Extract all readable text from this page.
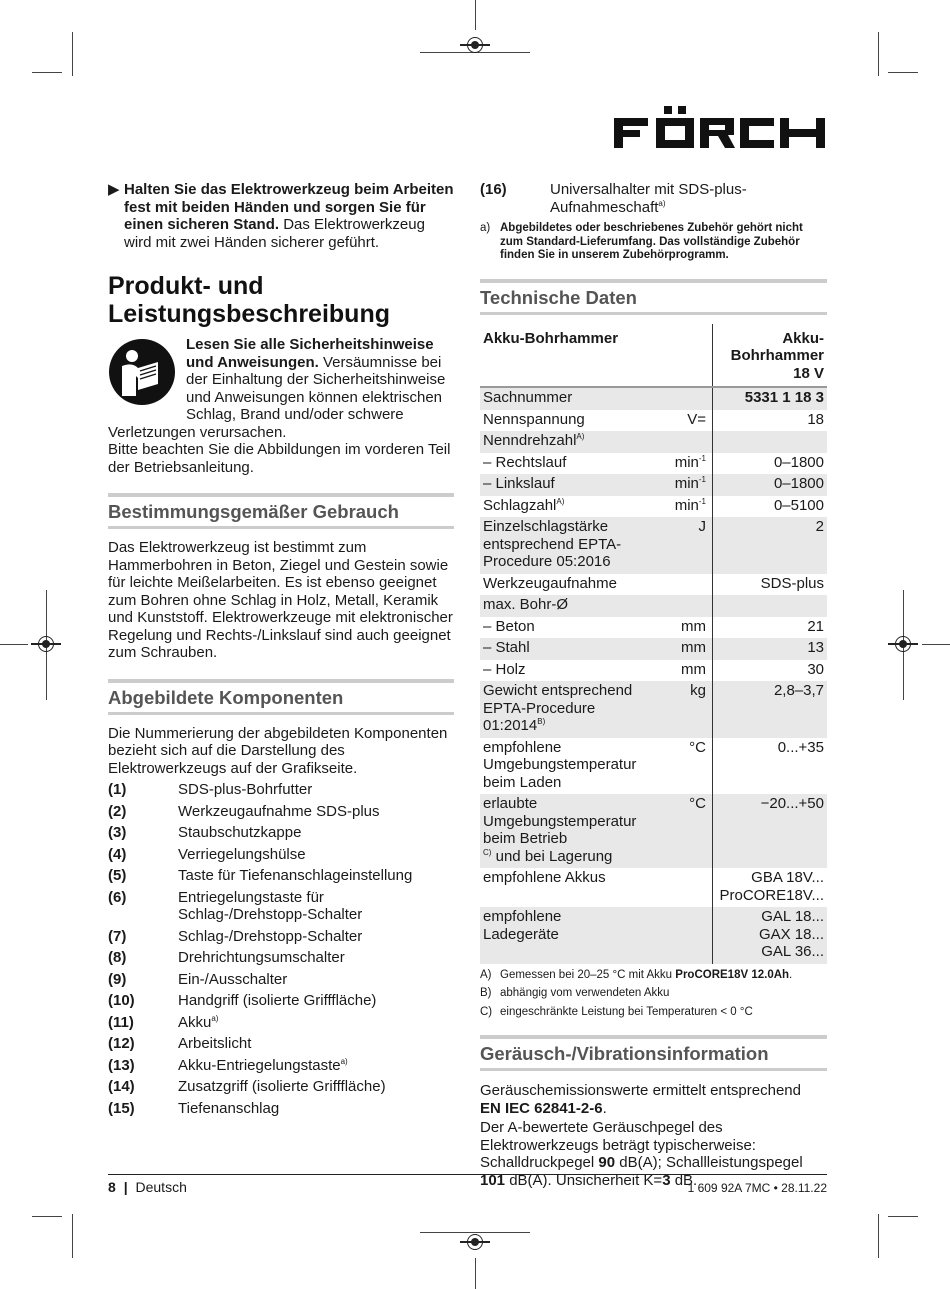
▶ Halten Sie das Elektrowerkzeug beim Arbeiten fest mit beiden Händen und sorgen Sie für einen sicheren Stand. Das Elektrowerkzeug wird mit zwei Händen sicherer geführt.

Produkt- und Leistungsbeschreibung

Lesen Sie alle Sicherheitshinweise und Anweisungen. Versäumnisse bei der Einhaltung der Sicherheitshinweise und Anweisungen können elektrischen Schlag, Brand und/oder schwere Verletzungen verursachen.

Bitte beachten Sie die Abbildungen im vorderen Teil der Betriebsanleitung.

Bestimmungsgemäßer Gebrauch

Das Elektrowerkzeug ist bestimmt zum Hammerbohren in Beton, Ziegel und Gestein sowie für leichte Meißelarbeiten. Es ist ebenso geeignet zum Bohren ohne Schlag in Holz, Metall, Keramik und Kunststoff. Elektrowerkzeuge mit elektronischer Regelung und Rechts-/Linkslauf sind auch geeignet zum Schrauben.

Abgebildete Komponenten

Die Nummerierung der abgebildeten Komponenten bezieht sich auf die Darstellung des Elektrowerkzeugs auf der Grafikseite.

(1)	SDS-plus-Bohrfutter
(2)	Werkzeugaufnahme SDS-plus
(3)	Staubschutzkappe
(4)	Verriegelungshülse
(5)	Taste für Tiefenanschlageinstellung
(6)	Entriegelungstaste für Schlag-/Drehstopp-Schalter
(7)	Schlag-/Drehstopp-Schalter
(8)	Drehrichtungsumschalter
(9)	Ein-/Ausschalter
(10)	Handgriff (isolierte Grifffläche)
(11)	Akku$^{a)}$
(12)	Arbeitslicht
(13)	Akku-Entriegelungstaste$^{a)}$
(14)	Zusatzgriff (isolierte Grifffläche)
(15)	Tiefenanschlag
(16)	Universalhalter mit SDS-plus-Aufnahmeschaft$^{a)}$
a) Abgebildetes oder beschriebenes Zubehör gehört nicht zum Standard-Lieferumfang. Das vollständige Zubehör finden Sie in unserem Zubehörprogramm.
Technische Daten
Akku-Bohrhammer		Akku-Bohrhammer 18 V
Sachnummer		5331 1 18 3
Nennspannung	V=	18
Nenndrehzahl$^{A)}$		
– Rechtslauf	$\min^{-1}$	0–1800
– Linkslauf	$\min^{-1}$	0–1800
Schlagzahl$^{A)}$	$\min^{-1}$	0–5100
Einzelschlagstärke entsprechend EPTA-Procedure 05:2016	J	2
Werkzeugaufnahme		SDS-plus
max. Bohr-Ø		
– Beton	mm	21
– Stahl	mm	13
– Holz	mm	30
Gewicht entsprechend EPTA-Procedure $01:2014^{B)}$	kg	2,8–3,7
empfohlene Umgebungstemperatur beim Laden	°C	0...+35
erlaubte Umgebungstemperatur beim Betrieb
$^{C)}$ und bei Lagerung	°C	−20...+50
empfohlene Akkus		GBA 18V...
ProCORE18V...
empfohlene Ladegeräte		GAL 18...
GAX 18...
GAL 36...
A) Gemessen bei 20–25 °C mit Akku ProCORE18V 12.0Ah.
B) abhängig vom verwendeten Akku
C) eingeschränkte Leistung bei Temperaturen < 0 °C
Geräusch-/Vibrationsinformation

Geräuschemissionswerte ermittelt entsprechend
EN IEC 62841-2-6.

Der A-bewertete Geräuschpegel des Elektrowerkzeugs beträgt typischerweise: Schalldruckpegel 90 dB(A); Schallleistungspegel 101 dB(A). Unsicherheit K=3 dB.

8 | Deutsch	1 609 92A 7MC • 28.11.22
